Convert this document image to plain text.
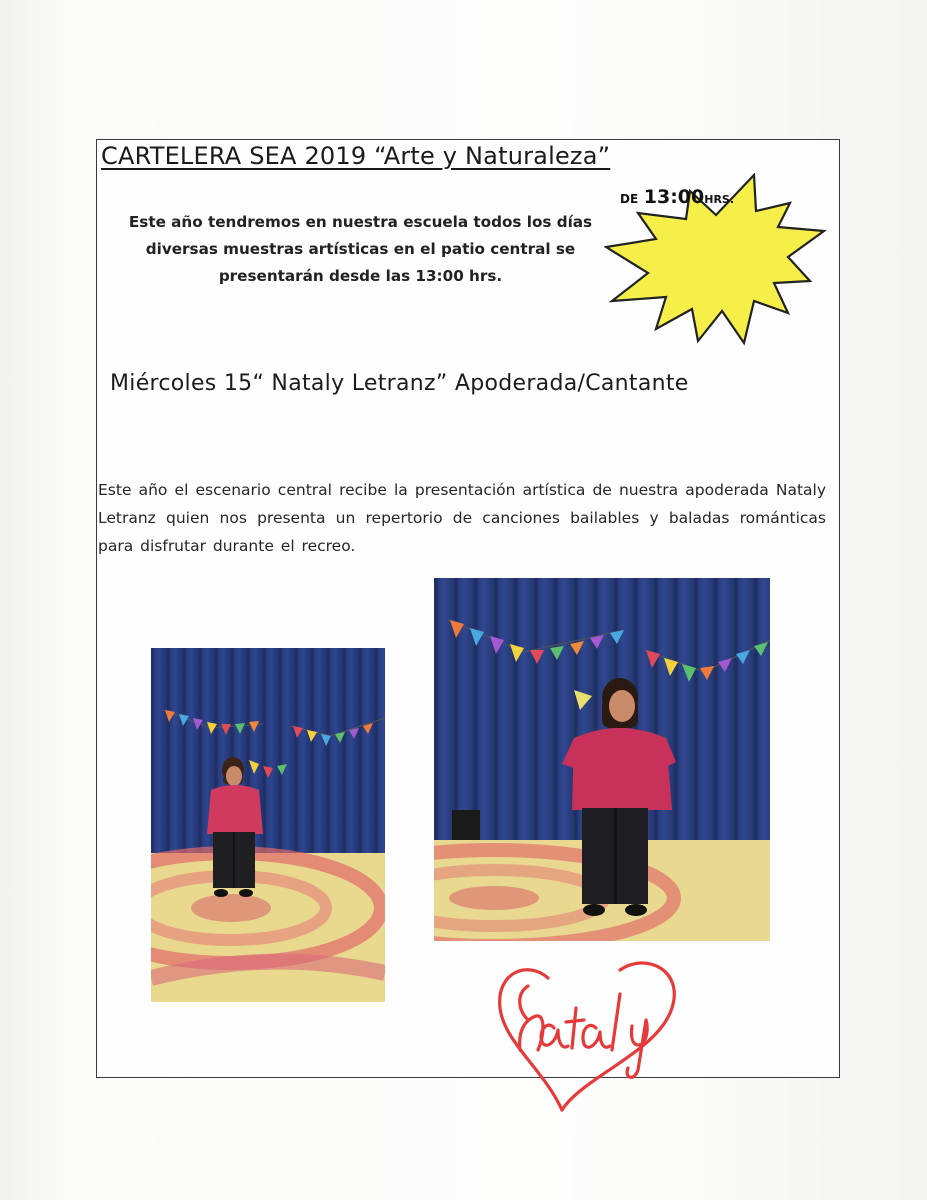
CARTELERA SEA 2019 “Arte y Naturaleza”
Este año tendremos en nuestra escuela todos los días diversas muestras artísticas en el patio central se presentarán desde las 13:00 hrs.
DE 13:00HRS.
Miércoles 15“ Nataly Letranz” Apoderada/Cantante
Este año el escenario central recibe la presentación artística de nuestra apoderada Nataly Letranz quien nos presenta un repertorio de canciones bailables y baladas románticas para disfrutar durante el recreo.
